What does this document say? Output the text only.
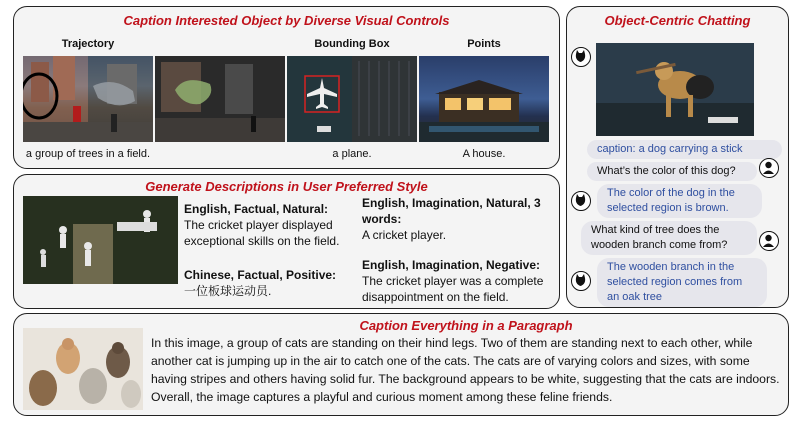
Caption Interested Object by Diverse Visual Controls
Trajectory
a group of trees in a field.
Bounding Box
a plane.
Points
A house.
Generate Descriptions in User Preferred Style
English, Factual, Natural:
The cricket player displayed exceptional skills on the field.
English, Imagination, Natural, 3 words:
A cricket player.
Chinese, Factual, Positive:
一位板球运动员.
English, Imagination, Negative:
The cricket player was a complete disappointment on the field.
Caption Everything in a Paragraph
In this image, a group of cats are standing on their hind legs. Two of them are standing next to each other, while another cat is jumping up in the air to catch one of the cats. The cats are of varying colors and sizes, with some having stripes and others having solid fur. The background appears to be white, suggesting that the cats are indoors. Overall, the image captures a playful and curious moment among these feline friends.
Object-Centric Chatting
caption: a dog carrying a stick
What’s the color of this dog?
The color of the dog in the selected region is brown.
What kind of tree does the wooden branch come from?
The wooden branch in the selected region comes from an oak tree
